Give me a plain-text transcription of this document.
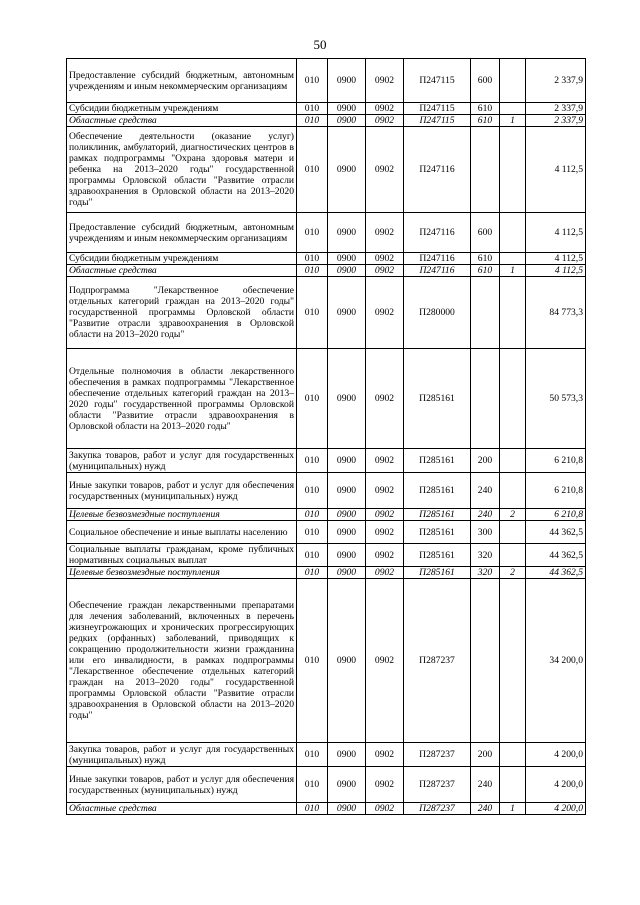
50
Предоставление субсидий бюджетным, автономным учреждениям и иным некоммерческим организациям	010	0900	0902	П247115	600		2 337,9
Субсидии бюджетным учреждениям	010	0900	0902	П247115	610		2 337,9
Областные средства	010	0900	0902	П247115	610	1	2 337,9
Обеспечение деятельности (оказание услуг) поликлиник, амбулаторий, диагностических центров в рамках подпрограммы "Охрана здоровья матери и ребенка на 2013–2020 годы" государственной программы Орловской области "Развитие отрасли здравоохранения в Орловской области на 2013–2020 годы"	010	0900	0902	П247116			4 112,5
Предоставление субсидий бюджетным, автономным учреждениям и иным некоммерческим организациям	010	0900	0902	П247116	600		4 112,5
Субсидии бюджетным учреждениям	010	0900	0902	П247116	610		4 112,5
Областные средства	010	0900	0902	П247116	610	1	4 112,5
Подпрограмма "Лекарственное обеспечение отдельных категорий граждан на 2013–2020 годы" государственной программы Орловской области "Развитие отрасли здравоохранения в Орловской области на 2013–2020 годы"	010	0900	0902	П280000			84 773,3
Отдельные полномочия в области лекарственного обеспечения в рамках подпрограммы "Лекарственное обеспечение отдельных категорий граждан на 2013–2020 годы" государственной программы Орловской области "Развитие отрасли здравоохранения в Орловской области на 2013–2020 годы"	010	0900	0902	П285161			50 573,3
Закупка товаров, работ и услуг для государственных (муниципальных) нужд	010	0900	0902	П285161	200		6 210,8
Иные закупки товаров, работ и услуг для обеспечения государственных (муниципальных) нужд	010	0900	0902	П285161	240		6 210,8
Целевые безвозмездные поступления	010	0900	0902	П285161	240	2	6 210,8
Социальное обеспечение и иные выплаты населению	010	0900	0902	П285161	300		44 362,5
Социальные выплаты гражданам, кроме публичных нормативных социальных выплат	010	0900	0902	П285161	320		44 362,5
Целевые безвозмездные поступления	010	0900	0902	П285161	320	2	44 362,5
Обеспечение граждан лекарственными препаратами для лечения заболеваний, включенных в перечень жизнеугрожающих и хронических прогрессирующих редких (орфанных) заболеваний, приводящих к сокращению продолжительности жизни гражданина или его инвалидности, в рамках подпрограммы "Лекарственное обеспечение отдельных категорий граждан на 2013–2020 годы" государственной программы Орловской области "Развитие отрасли здравоохранения в Орловской области на 2013–2020 годы"	010	0900	0902	П287237			34 200,0
Закупка товаров, работ и услуг для государственных (муниципальных) нужд	010	0900	0902	П287237	200		4 200,0
Иные закупки товаров, работ и услуг для обеспечения государственных (муниципальных) нужд	010	0900	0902	П287237	240		4 200,0
Областные средства	010	0900	0902	П287237	240	1	4 200,0
